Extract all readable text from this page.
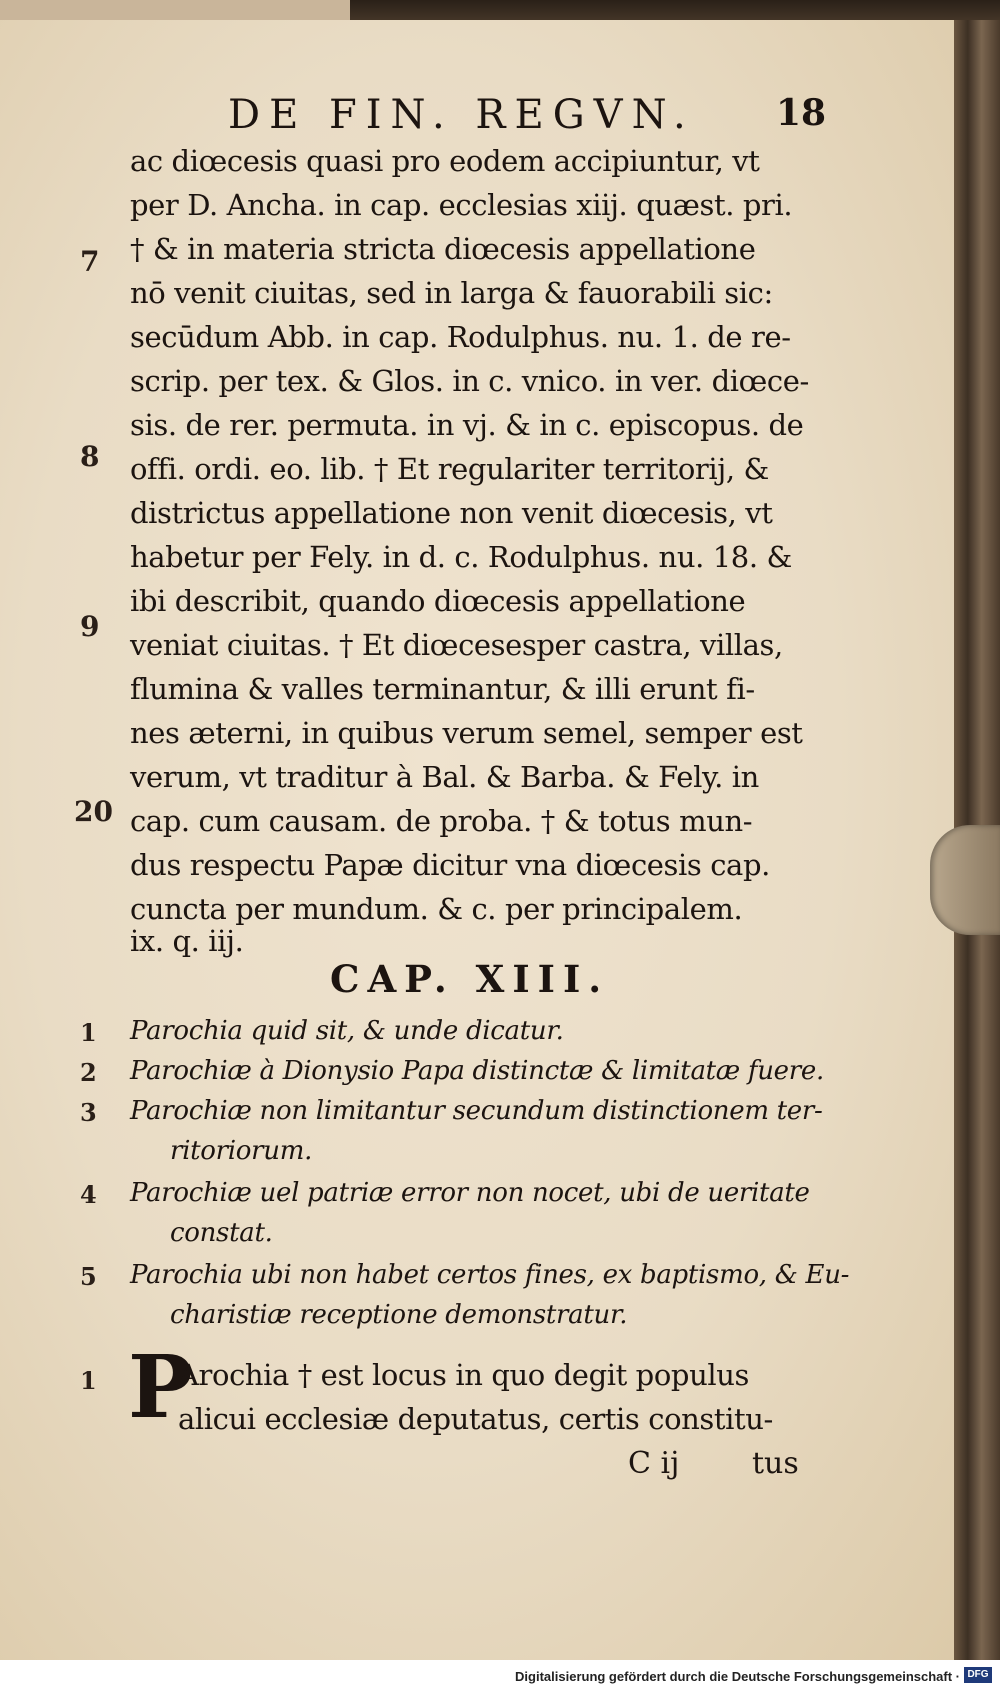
DE FIN. REGVN. 18
ac diœcesis quasi pro eodem accipiuntur, vt
per D. Ancha. in cap. ecclesias xiij. quæst. pri.
† & in materia stricta diœcesis appellatione
nō venit ciuitas, sed in larga & fauorabili sic:
secūdum Abb. in cap. Rodulphus. nu. 1. de re-
scrip. per tex. & Glos. in c. vnico. in ver. diœce-
sis. de rer. permuta. in vj. & in c. episcopus. de
offi. ordi. eo. lib. † Et regulariter territorij, &
districtus appellatione non venit diœcesis, vt
habetur per Fely. in d. c. Rodulphus. nu. 18. &
ibi describit, quando diœcesis appellatione
veniat ciuitas. † Et diœcesesper castra, villas,
flumina & valles terminantur, & illi erunt fi-
nes æterni, in quibus verum semel, semper est
verum, vt traditur à Bal. & Barba. & Fely. in
cap. cum causam. de proba. † & totus mun-
dus respectu Papæ dicitur vna diœcesis cap.
cuncta per mundum. & c. per principalem.
ix. q. iij.
7
8
9
20
CAP. XIII.
1
2
3
4
5
Parochia quid sit, & unde dicatur.
Parochiæ à Dionysio Papa distinctæ & limitatæ fuere.
Parochiæ non limitantur secundum distinctionem ter-
ritoriorum.
Parochiæ uel patriæ error non nocet, ubi de ueritate
constat.
Parochia ubi non habet certos fines, ex baptismo, & Eu-
charistiæ receptione demonstratur.
1 P
Arochia † est locus in quo degit populus
alicui ecclesiæ deputatus, certis constitu-
C ij tus
Digitalisierung gefördert durch die Deutsche Forschungsgemeinschaft · DFG
